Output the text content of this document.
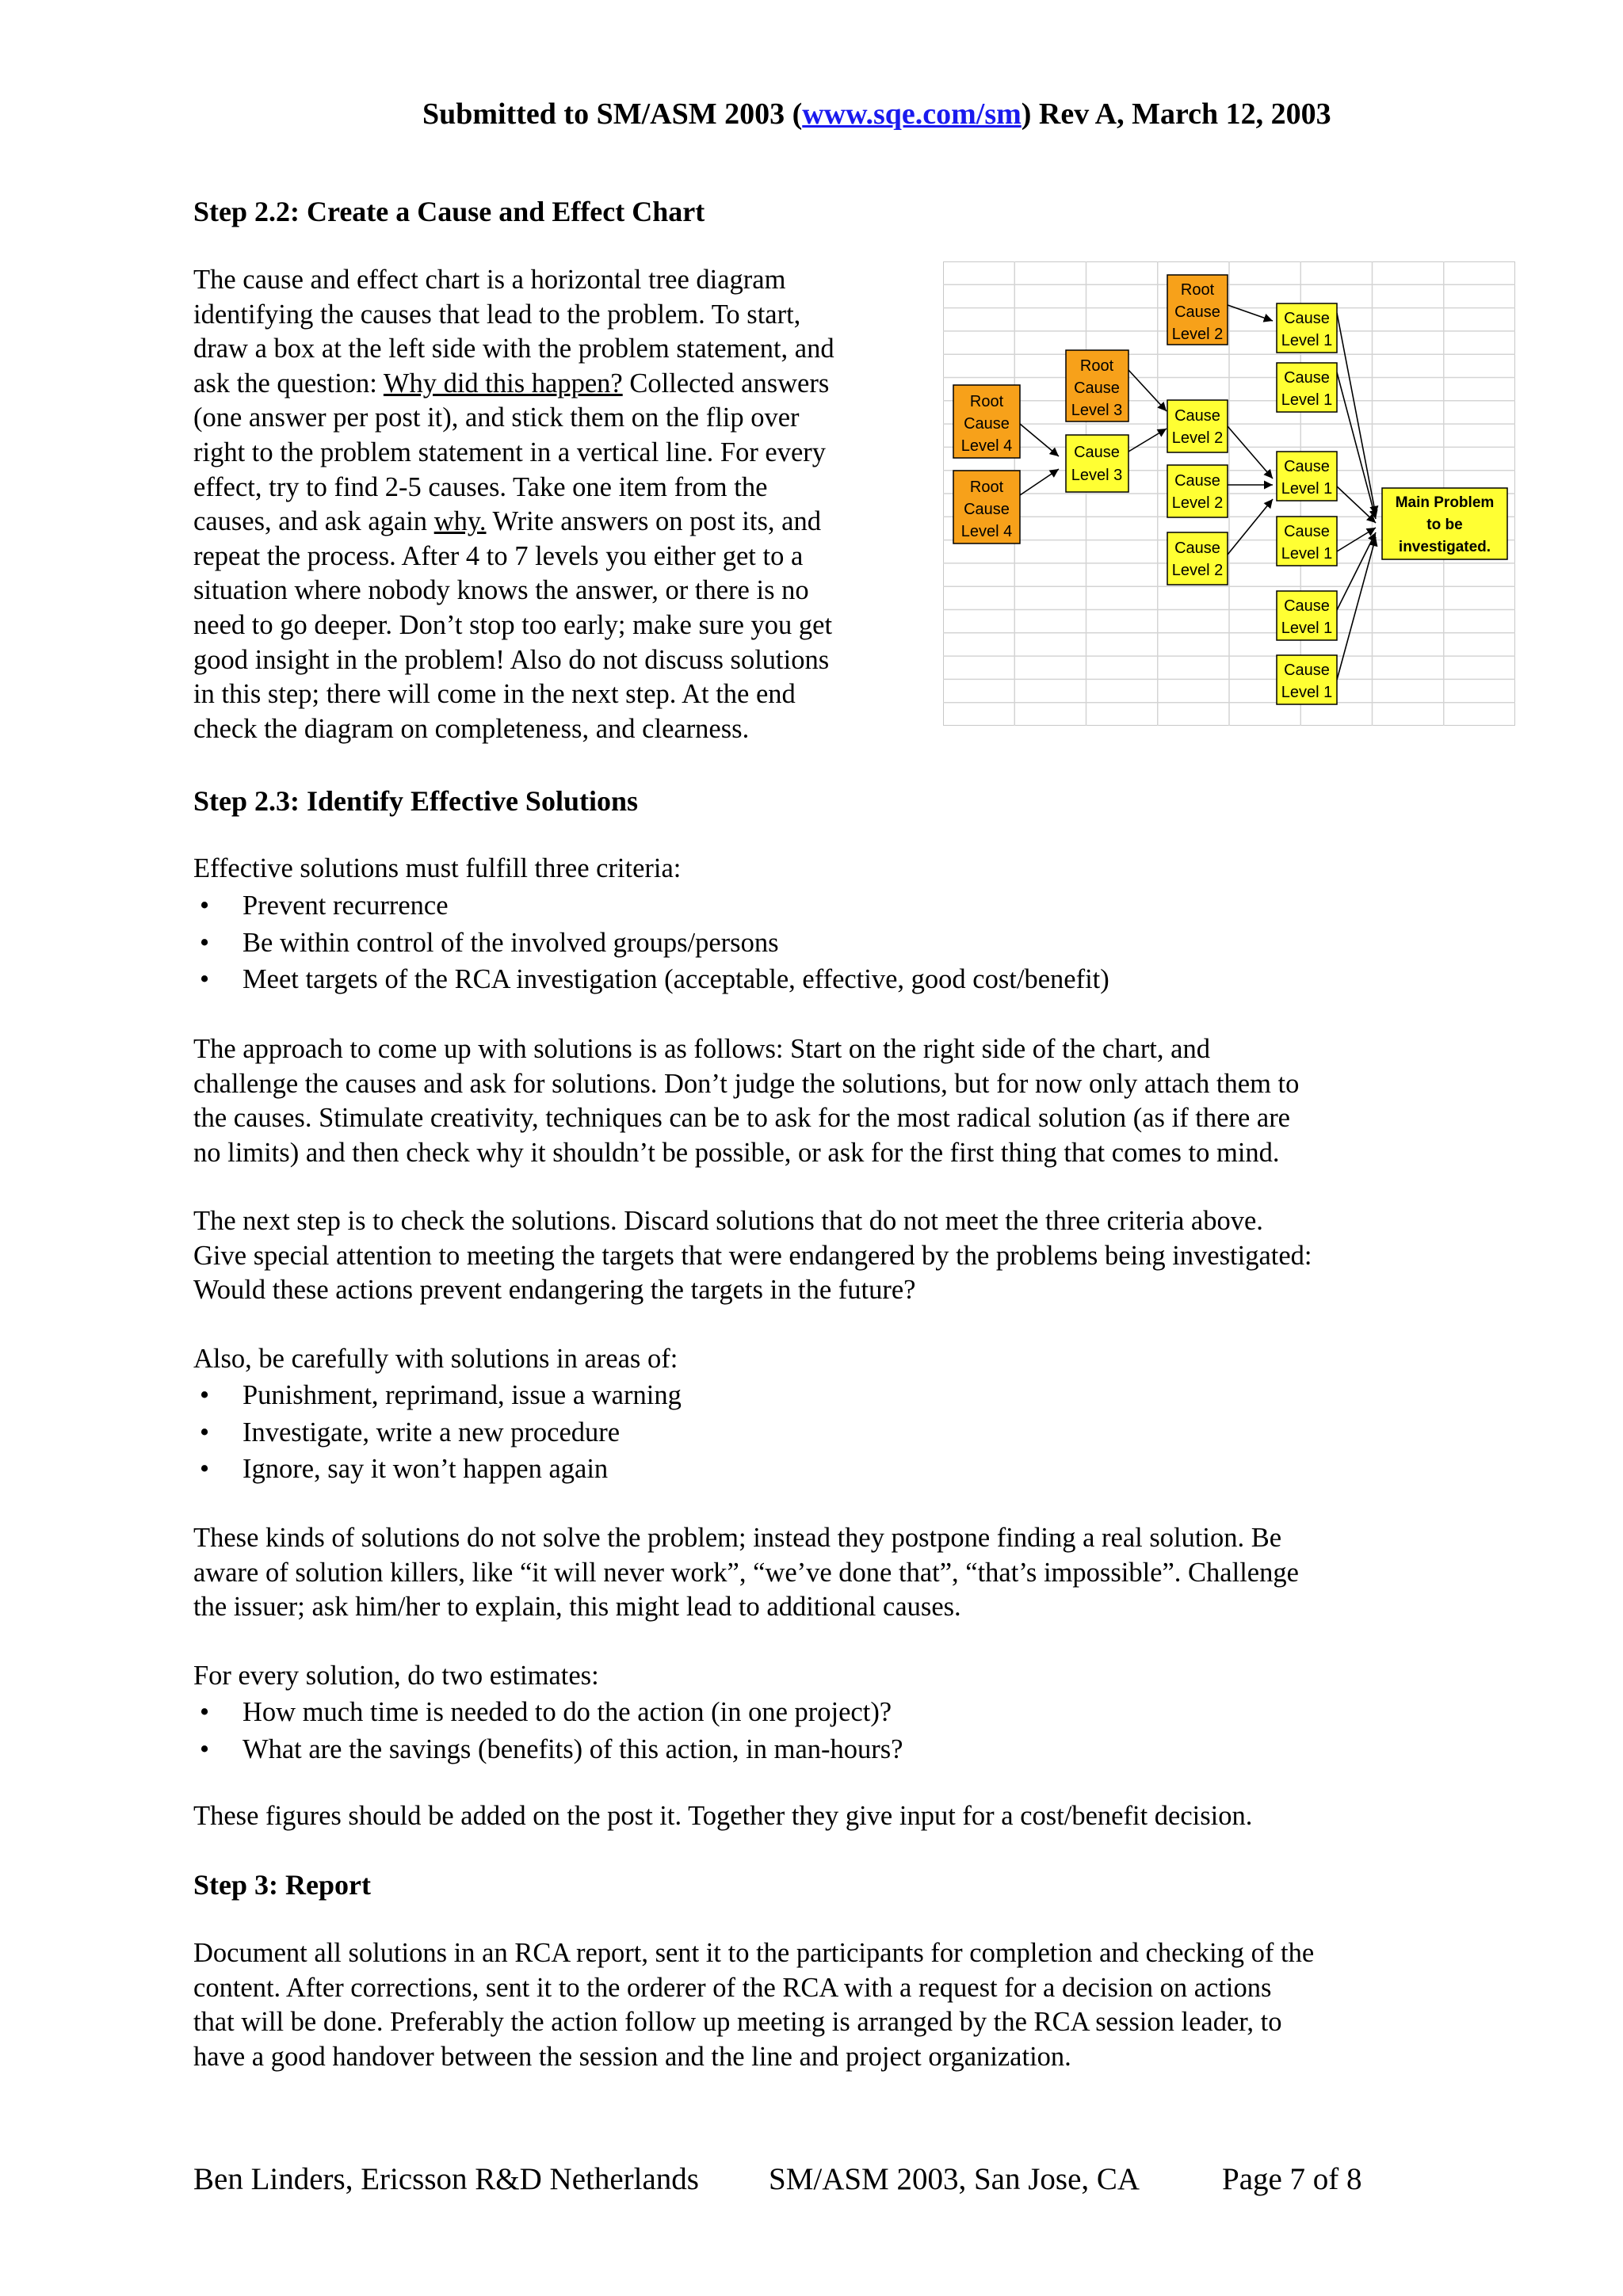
Submitted to SM/ASM 2003 (www.sqe.com/sm) Rev A, March 12, 2003
Step 2.2: Create a Cause and Effect Chart
The cause and effect chart is a horizontal tree diagram
identifying the causes that lead to the problem. To start,
draw a box at the left side with the problem statement, and
ask the question: Why did this happen? Collected answers
(one answer per post it), and stick them on the flip over
right to the problem statement in a vertical line. For every
effect, try to find 2-5 causes. Take one item from the
causes, and ask again why. Write answers on post its, and
repeat the process. After 4 to 7 levels you either get to a
situation where nobody knows the answer, or there is no
need to go deeper. Don’t stop too early; make sure you get
good insight in the problem! Also do not discuss solutions
in this step; there will come in the next step. At the end
check the diagram on completeness, and clearness.
Root
Cause
Level 4
Root
Cause
Level 4
Root
Cause
Level 3
Cause
Level 3
Root
Cause
Level 2
Cause
Level 2
Cause
Level 2
Cause
Level 2
Cause
Level 1
Cause
Level 1
Cause
Level 1
Cause
Level 1
Cause
Level 1
Cause
Level 1
Main Problem
to be
investigated.
Step 2.3: Identify Effective Solutions
Effective solutions must fulfill three criteria:
• Prevent recurrence
• Be within control of the involved groups/persons
• Meet targets of the RCA investigation (acceptable, effective, good cost/benefit)
The approach to come up with solutions is as follows: Start on the right side of the chart, and
challenge the causes and ask for solutions. Don’t judge the solutions, but for now only attach them to
the causes. Stimulate creativity, techniques can be to ask for the most radical solution (as if there are
no limits) and then check why it shouldn’t be possible, or ask for the first thing that comes to mind.
The next step is to check the solutions. Discard solutions that do not meet the three criteria above.
Give special attention to meeting the targets that were endangered by the problems being investigated:
Would these actions prevent endangering the targets in the future?
Also, be carefully with solutions in areas of:
• Punishment, reprimand, issue a warning
• Investigate, write a new procedure
• Ignore, say it won’t happen again
These kinds of solutions do not solve the problem; instead they postpone finding a real solution. Be
aware of solution killers, like “it will never work”, “we’ve done that”, “that’s impossible”. Challenge
the issuer; ask him/her to explain, this might lead to additional causes.
For every solution, do two estimates:
• How much time is needed to do the action (in one project)?
• What are the savings (benefits) of this action, in man-hours?
These figures should be added on the post it. Together they give input for a cost/benefit decision.
Step 3: Report
Document all solutions in an RCA report, sent it to the participants for completion and checking of the
content. After corrections, sent it to the orderer of the RCA with a request for a decision on actions
that will be done. Preferably the action follow up meeting is arranged by the RCA session leader, to
have a good handover between the session and the line and project organization.
Ben Linders, Ericsson R&D Netherlands SM/ASM 2003, San Jose, CA	Page 7 of 8
